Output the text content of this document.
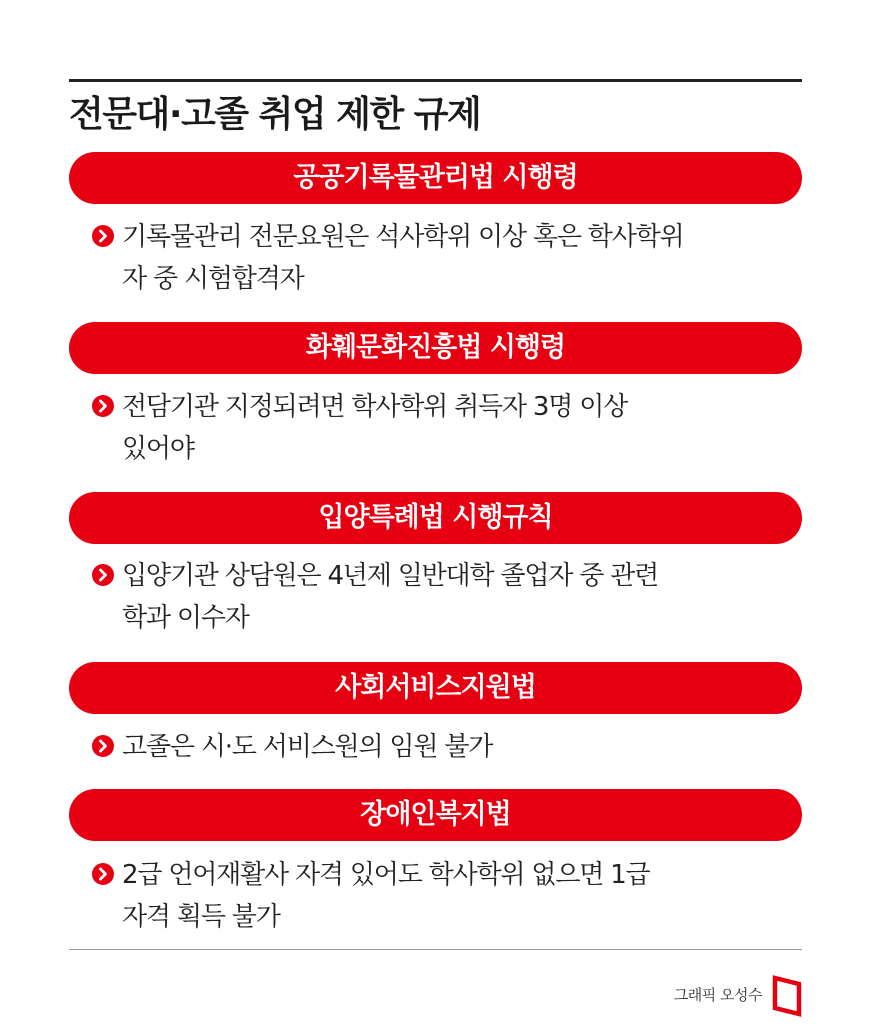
전문대·고졸 취업 제한 규제
공공기록물관리법 시행령
기록물관리 전문요원은 석사학위 이상 혹은 학사학위
자 중 시험합격자
화훼문화진흥법 시행령
전담기관 지정되려면 학사학위 취득자 3명 이상
있어야
입양특례법 시행규칙
입양기관 상담원은 4년제 일반대학 졸업자 중 관련
학과 이수자
사회서비스지원법
고졸은 시·도 서비스원의 임원 불가
장애인복지법
2급 언어재활사 자격 있어도 학사학위 없으면 1급
자격 획득 불가
그래픽 오성수
